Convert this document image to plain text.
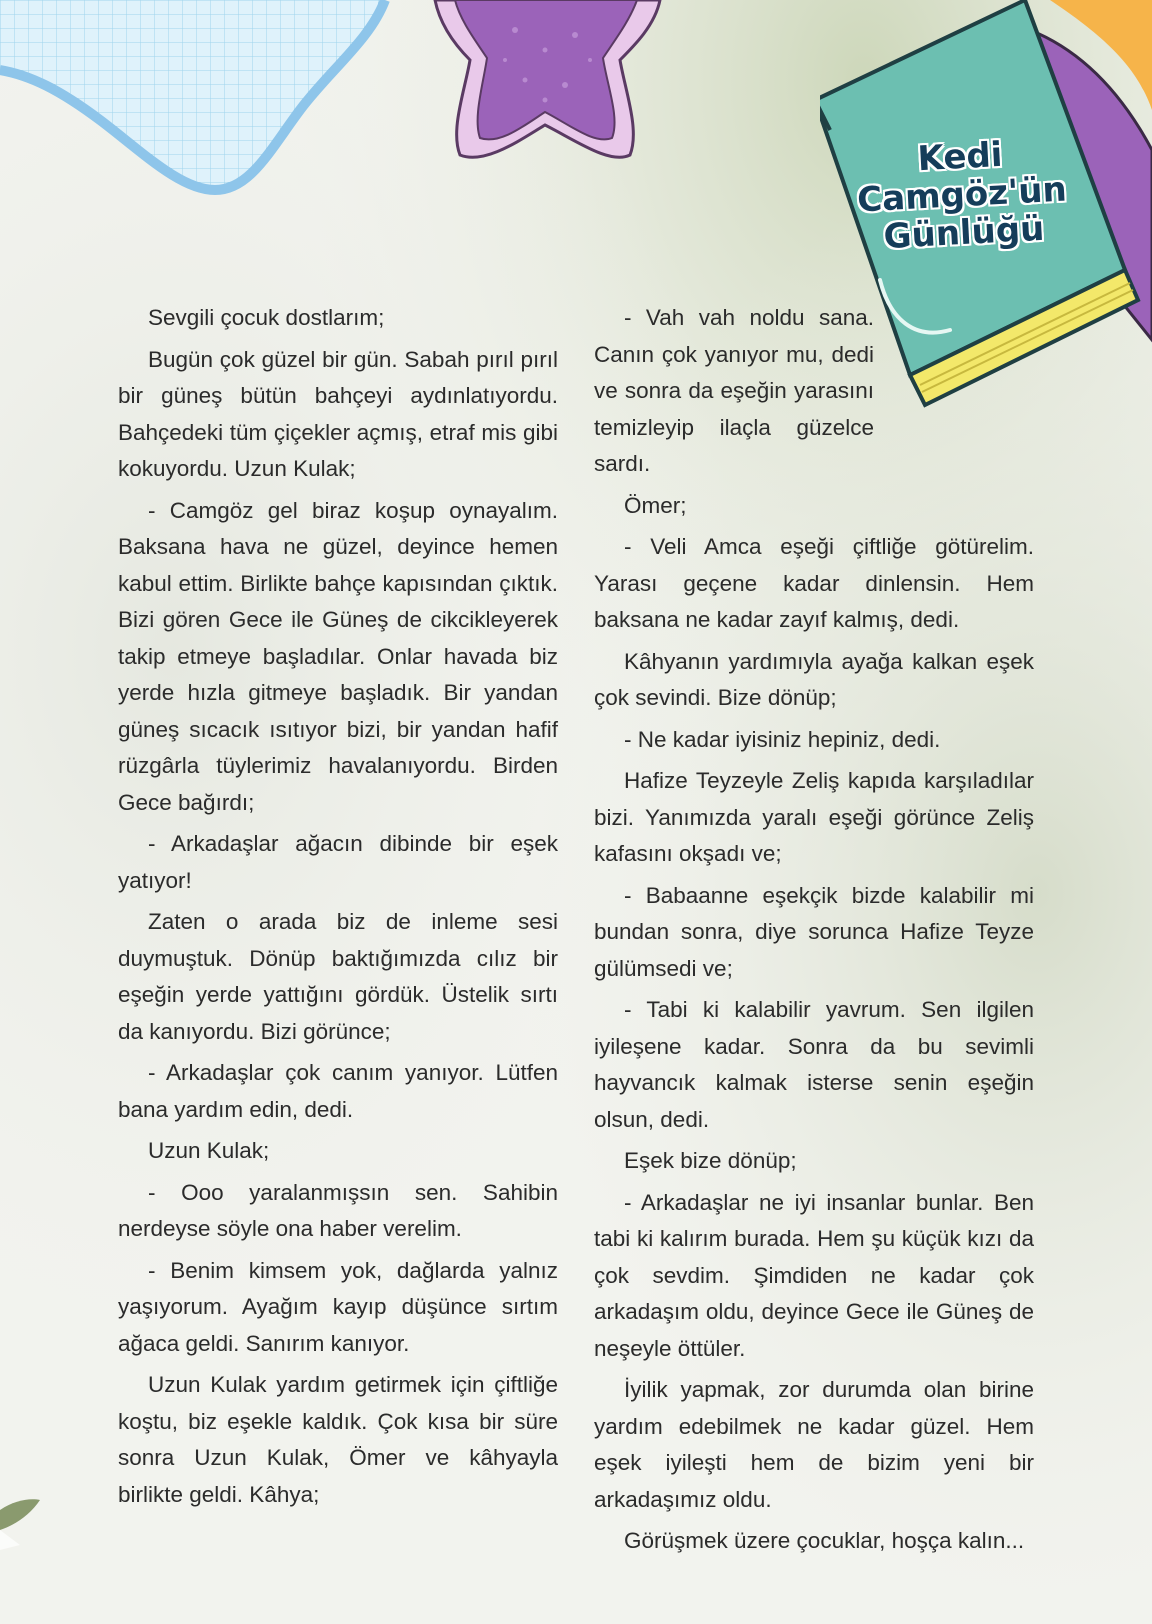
Kedi
Camgöz'ün
Günlüğü

Sevgili çocuk dostlarım;

Bugün çok güzel bir gün. Sabah pırıl pırıl bir güneş bütün bahçeyi aydınlatıyordu. Bahçedeki tüm çiçekler açmış, etraf mis gibi kokuyordu. Uzun Kulak;

- Camgöz gel biraz koşup oynayalım. Baksana hava ne güzel, deyince hemen kabul ettim. Birlikte bahçe kapısından çıktık. Bizi gören Gece ile Güneş de cikcikleyerek takip etmeye başladılar. Onlar havada biz yerde hızla gitmeye başladık. Bir yandan güneş sıcacık ısıtıyor bizi, bir yandan hafif rüzgârla tüylerimiz havalanıyordu. Birden Gece bağırdı;

- Arkadaşlar ağacın dibinde bir eşek yatıyor!

Zaten o arada biz de inleme sesi duymuştuk. Dönüp baktığımızda cılız bir eşeğin yerde yattığını gördük. Üstelik sırtı da kanıyordu. Bizi görünce;

- Arkadaşlar çok canım yanıyor. Lütfen bana yardım edin, dedi.

Uzun Kulak;

- Ooo yaralanmışsın sen. Sahibin nerdeyse söyle ona haber verelim.

- Benim kimsem yok, dağlarda yalnız yaşıyorum. Ayağım kayıp düşünce sırtım ağaca geldi. Sanırım kanıyor.

Uzun Kulak yardım getirmek için çiftliğe koştu, biz eşekle kaldık. Çok kısa bir süre sonra Uzun Kulak, Ömer ve kâhyayla birlikte geldi. Kâhya;

- Vah vah noldu sana. Canın çok yanıyor mu, dedi ve sonra da eşeğin yarasını temizleyip ilaçla güzelce sardı.

Ömer;

- Veli Amca eşeği çiftliğe götürelim. Yarası geçene kadar dinlensin. Hem baksana ne kadar zayıf kalmış, dedi.

Kâhyanın yardımıyla ayağa kalkan eşek çok sevindi. Bize dönüp;

- Ne kadar iyisiniz hepiniz, dedi.

Hafize Teyzeyle Zeliş kapıda karşıladılar bizi. Yanımızda yaralı eşeği görünce Zeliş kafasını okşadı ve;

- Babaanne eşekçik bizde kalabilir mi bundan sonra, diye sorunca Hafize Teyze gülümsedi ve;

- Tabi ki kalabilir yavrum. Sen ilgilen iyileşene kadar. Sonra da bu sevimli hayvancık kalmak isterse senin eşeğin olsun, dedi.

Eşek bize dönüp;

- Arkadaşlar ne iyi insanlar bunlar. Ben tabi ki kalırım burada. Hem şu küçük kızı da çok sevdim. Şimdiden ne kadar çok arkadaşım oldu, deyince Gece ile Güneş de neşeyle öttüler.

İyilik yapmak, zor durumda olan birine yardım edebilmek ne kadar güzel. Hem eşek iyileşti hem de bizim yeni bir arkadaşımız oldu.

Görüşmek üzere çocuklar, hoşça kalın...
